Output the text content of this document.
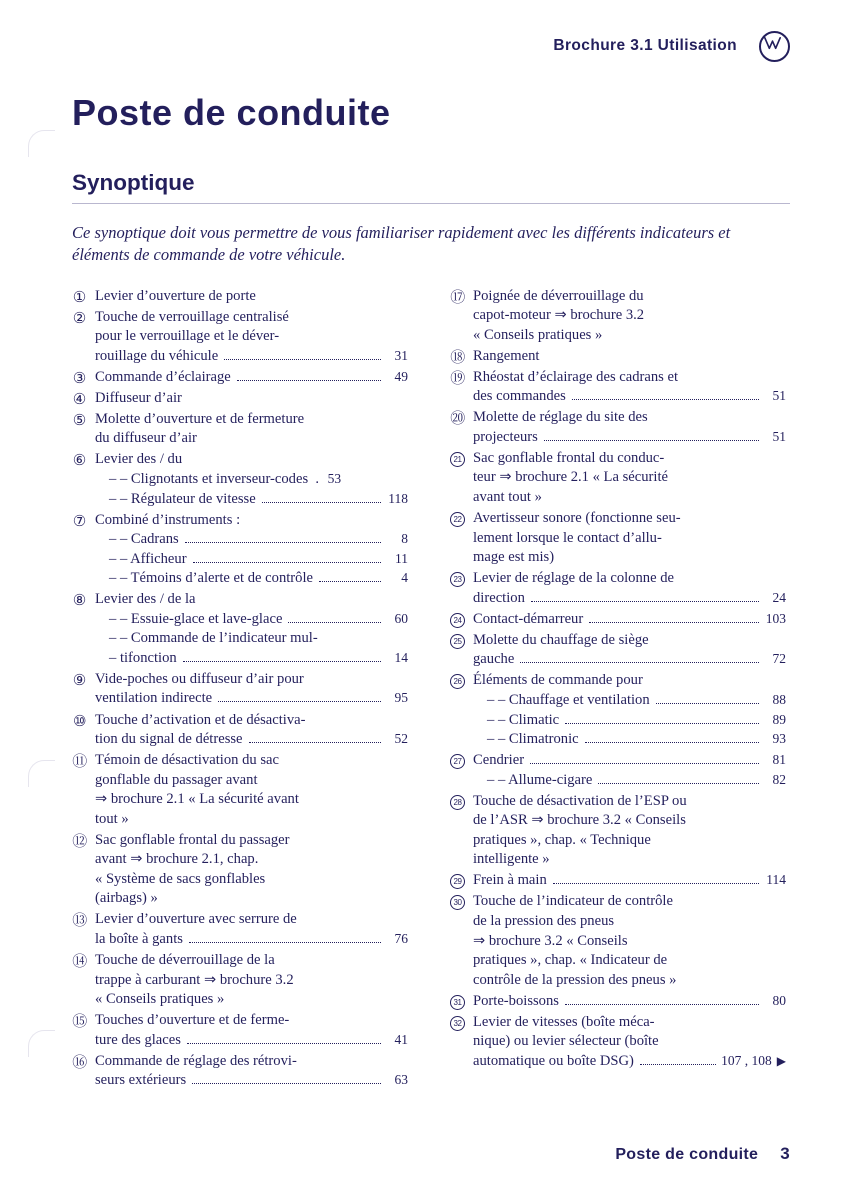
Brochure 3.1 Utilisation
Poste de conduite
Synoptique

Ce synoptique doit vous permettre de vous familiariser rapidement avec les différents indicateurs et éléments de commande de votre véhicule.

① Levier d’ouverture de porte
② Touche de verrouillage centralisé
pour le verrouillage et le déver-
rouillage du véhicule	31
③ Commande d’éclairage	49
④ Diffuseur d’air
⑤ Molette d’ouverture et de fermeture
du diffuseur d’air
⑥ Levier des / du
– – Clignotants et inverseur-codes  . 53
– – Régulateur de vitesse	118
⑦ Combiné d’instruments :
– – Cadrans	8
– – Afficheur	11
– – Témoins d’alerte et de contrôle	4
⑧ Levier des / de la
– – Essuie-glace et lave-glace	60
– – Commande de l’indicateur mul-
– tifonction	14
⑨ Vide-poches ou diffuseur d’air pour
ventilation indirecte	95
⑩ Touche d’activation et de désactiva-
tion du signal de détresse	52
⑪ Témoin de désactivation du sac
gonflable du passager avant
⇒ brochure 2.1 « La sécurité avant
tout »
⑫ Sac gonflable frontal du passager
avant ⇒ brochure 2.1, chap.
« Système de sacs gonflables
(airbags) »
⑬ Levier d’ouverture avec serrure de
la boîte à gants	76
⑭ Touche de déverrouillage de la
trappe à carburant ⇒ brochure 3.2
« Conseils pratiques »
⑮ Touches d’ouverture et de ferme-
ture des glaces	41
⑯ Commande de réglage des rétrovi-
seurs extérieurs	63
⑰ Poignée de déverrouillage du
capot-moteur ⇒ brochure 3.2
« Conseils pratiques »
⑱ Rangement
⑲ Rhéostat d’éclairage des cadrans et
des commandes	51
⑳ Molette de réglage du site des
projecteurs	51
21 Sac gonflable frontal du conduc-
teur ⇒ brochure 2.1 « La sécurité
avant tout »
22 Avertisseur sonore (fonctionne seu-
lement lorsque le contact d’allu-
mage est mis)
23 Levier de réglage de la colonne de
direction	24
24 Contact-démarreur	103
25 Molette du chauffage de siège
gauche	72
26 Éléments de commande pour
– – Chauffage et ventilation	88
– – Climatic	89
– – Climatronic	93
27 Cendrier	81
– – Allume-cigare	82
28 Touche de désactivation de l’ESP ou
de l’ASR ⇒ brochure 3.2 « Conseils
pratiques », chap. « Technique
intelligente »
29 Frein à main	114
30 Touche de l’indicateur de contrôle
de la pression des pneus
⇒ brochure 3.2 « Conseils
pratiques », chap. « Indicateur de
contrôle de la pression des pneus »
31 Porte-boissons	80
32 Levier de vitesses (boîte méca-
nique) ou levier sélecteur (boîte
automatique ou boîte DSG)	107 , 108 ▶
Poste de conduite 3
